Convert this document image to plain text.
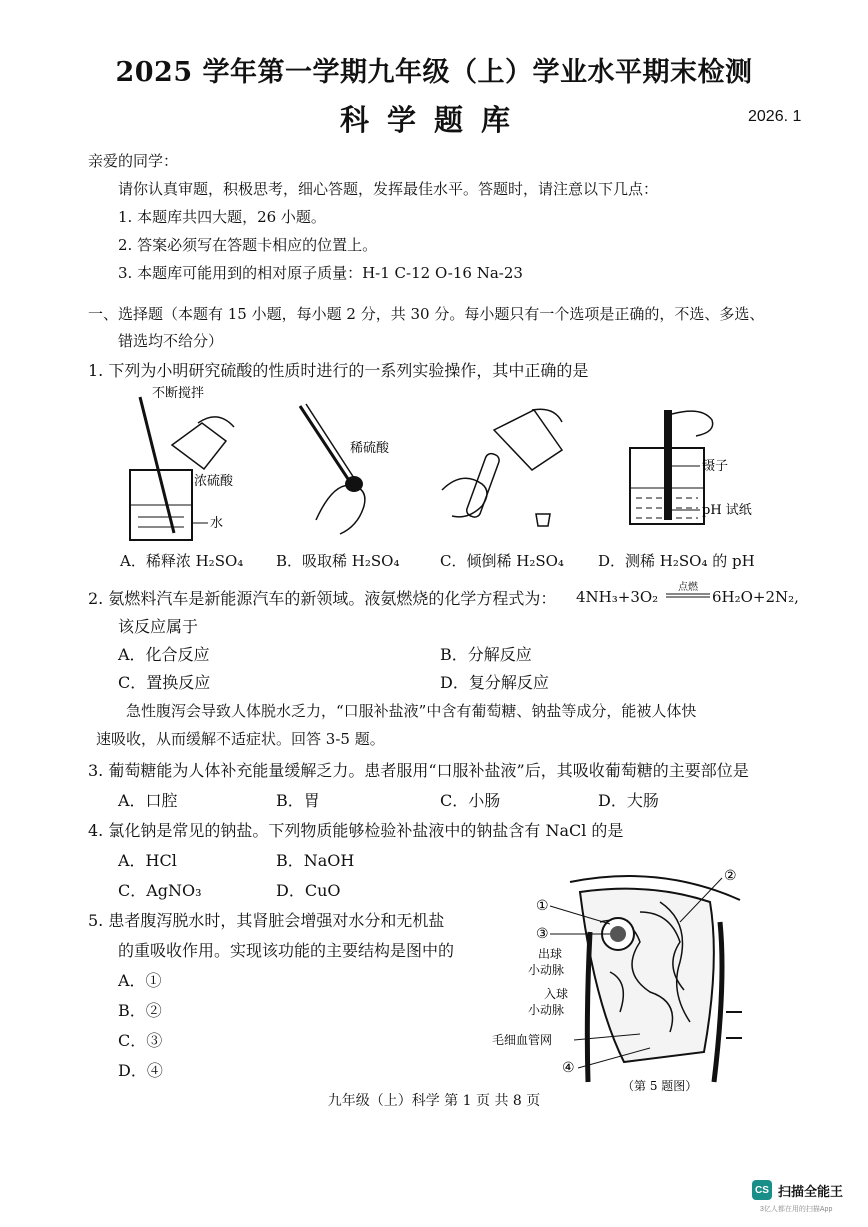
2025 学年第一学期九年级（上）学业水平期末检测
科学题库	2026. 1
亲爱的同学：
请你认真审题，积极思考，细心答题，发挥最佳水平。答题时，请注意以下几点：
1. 本题库共四大题，26 小题。
2. 答案必须写在答题卡相应的位置上。
3. 本题库可能用到的相对原子质量：H-1 C-12 O-16 Na-23
一、选择题（本题有 15 小题，每小题 2 分，共 30 分。每小题只有一个选项是正确的，不选、多选、
错选均不给分）
1. 下列为小明研究硫酸的性质时进行的一系列实验操作，其中正确的是
不断搅拌
浓硫酸
水
稀硫酸
镊子
pH 试纸
A．稀释浓 H₂SO₄ B．吸取稀 H₂SO₄	C．倾倒稀 H₂SO₄ D．测稀 H₂SO₄ 的 pH
2. 氨燃料汽车是新能源汽车的新领域。液氨燃烧的化学方程式为： 4NH₃+3O₂
点燃
6H₂O+2N₂,
该反应属于
A．化合反应	B．分解反应
C．置换反应	D．复分解反应
急性腹泻会导致人体脱水乏力，“口服补盐液”中含有葡萄糖、钠盐等成分，能被人体快
速吸收，从而缓解不适症状。回答 3-5 题。
3. 葡萄糖能为人体补充能量缓解乏力。患者服用“口服补盐液”后，其吸收葡萄糖的主要部位是
A．口腔	B．胃	C．小肠	D．大肠
4. 氯化钠是常见的钠盐。下列物质能够检验补盐液中的钠盐含有 NaCl 的是
A．HCl	B．NaOH
C．AgNO₃	D．CuO
5. 患者腹泻脱水时，其肾脏会增强对水分和无机盐
的重吸收作用。实现该功能的主要结构是图中的
A．①
B．②
C．③
D．④
①
②
③
出球
小动脉
入球
小动脉
毛细血管网
④
（第 5 题图）
九年级（上）科学 第 1 页 共 8 页
CS 扫描全能王
3亿人都在用的扫描App
